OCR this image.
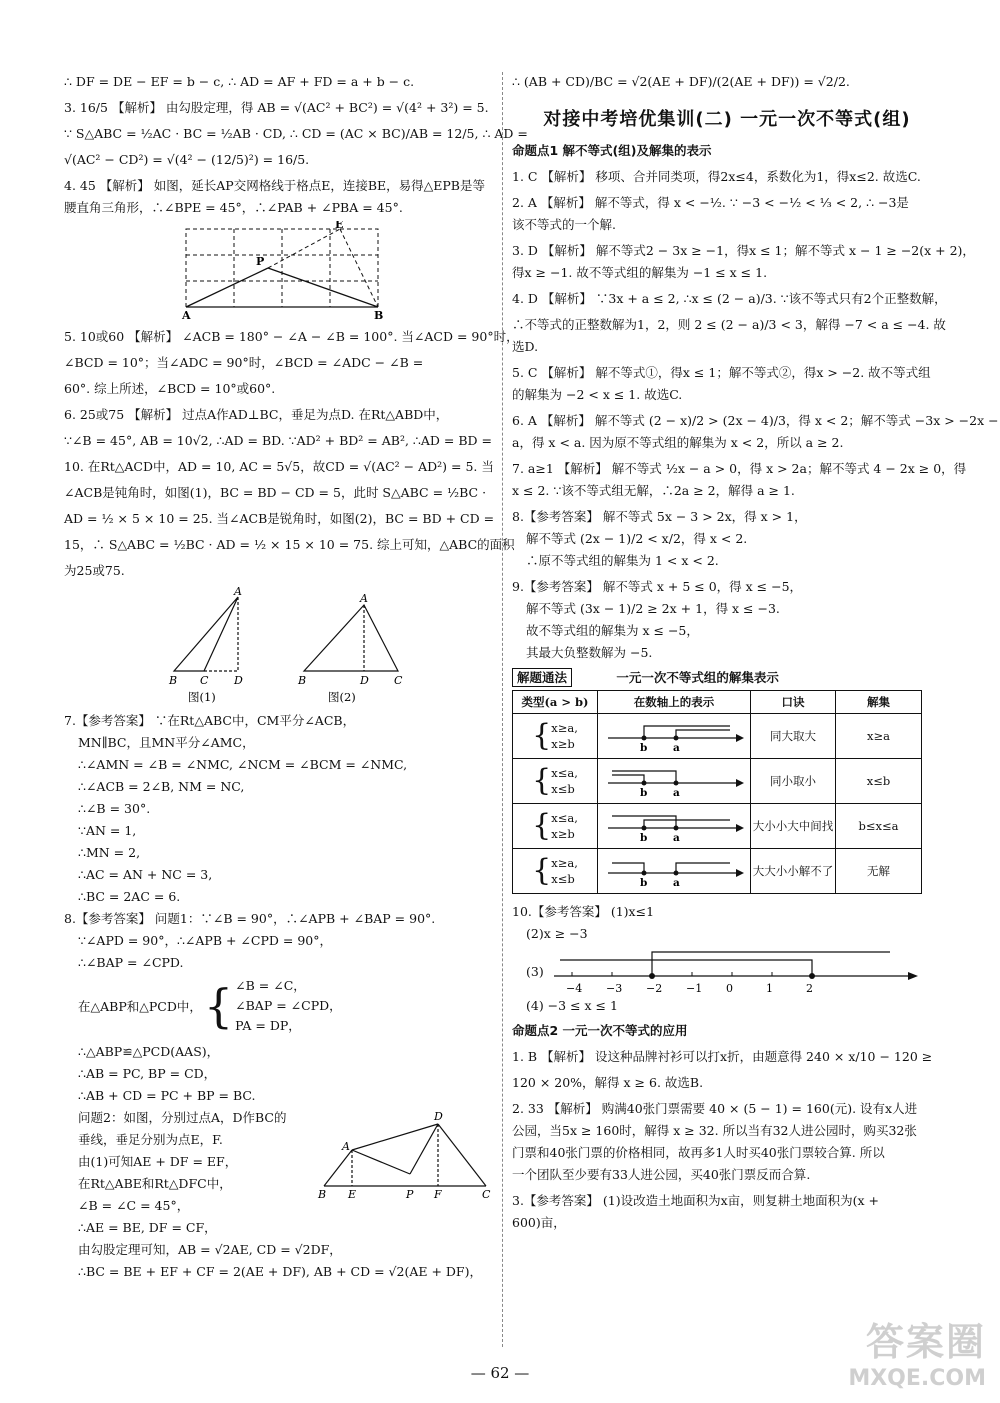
∴ DF = DE − EF = b − c, ∴ AD = AF + FD = a + b − c.
3. 16/5 【解析】 由勾股定理，得 AB = √(AC² + BC²) = √(4² + 3²) = 5.
∵ S△ABC = ½AC · BC = ½AB · CD, ∴ CD = (AC × BC)/AB = 12/5, ∴ AD =
√(AC² − CD²) = √(4² − (12/5)²) = 16/5.
4. 45 【解析】 如图，延长AP交网格线于格点E，连接BE，易得△EPB是等
腰直角三角形，∴∠BPE = 45°，∴∠PAB + ∠PBA = 45°.
E
P
A	B
5. 10或60 【解析】 ∠ACB = 180° − ∠A − ∠B = 100°. 当∠ACD = 90°时，
∠BCD = 10°；当∠ADC = 90°时，∠BCD = ∠ADC − ∠B =
60°. 综上所述，∠BCD = 10°或60°.
6. 25或75 【解析】 过点A作AD⊥BC，垂足为点D. 在Rt△ABD中，
∵∠B = 45°, AB = 10√2, ∴AD = BD. ∵AD² + BD² = AB², ∴AD = BD =
10. 在Rt△ACD中，AD = 10, AC = 5√5，故CD = √(AC² − AD²) = 5. 当
∠ACB是钝角时，如图(1)，BC = BD − CD = 5，此时 S△ABC = ½BC ·
AD = ½ × 5 × 10 = 25. 当∠ACB是锐角时，如图(2)，BC = BD + CD =
15，∴ S△ABC = ½BC · AD = ½ × 15 × 10 = 75. 综上可知，△ABC的面积
为25或75.
A
B C D
图(1)
A
B	D C
图(2)
7.【参考答案】 ∵在Rt△ABC中，CM平分∠ACB，
MN∥BC，且MN平分∠AMC，
∴∠AMN = ∠B = ∠NMC, ∠NCM = ∠BCM = ∠NMC,
∴∠ACB = 2∠B, NM = NC,
∴∠B = 30°.
∵AN = 1,
∴MN = 2,
∴AC = AN + NC = 3,
∴BC = 2AC = 6.
8.【参考答案】 问题1：∵∠B = 90°，∴∠APB + ∠BAP = 90°.
∵∠APD = 90°，∴∠APB + ∠CPD = 90°，
∴∠BAP = ∠CPD.
在△ABP和△PCD中， { ∠B = ∠C，
∠BAP = ∠CPD，
PA = DP，
∴△ABP≌△PCD(AAS)，
∴AB = PC, BP = CD，
∴AB + CD = PC + BP = BC.
问题2：如图，分别过点A，D作BC的
垂线，垂足分别为点E，F.
由(1)可知AE + DF = EF，
在Rt△ABE和Rt△DFC中，
∠B = ∠C = 45°，
∴AE = BE, DF = CF，
由勾股定理可知，AB = √2AE, CD = √2DF，
∴BC = BE + EF + CF = 2(AE + DF), AB + CD = √2(AE + DF)，
D
A
B E	P F	C
∴ (AB + CD)/BC = √2(AE + DF)/(2(AE + DF)) = √2/2.
对接中考培优集训(二) 一元一次不等式(组)
命题点1 解不等式(组)及解集的表示
1. C 【解析】 移项、合并同类项，得2x≤4，系数化为1，得x≤2. 故选C.
2. A 【解析】 解不等式，得 x < −½. ∵ −3 < −½ < ⅓ < 2, ∴ −3是
该不等式的一个解.
3. D 【解析】 解不等式2 − 3x ≥ −1，得x ≤ 1；解不等式 x − 1 ≥ −2(x + 2)，
得x ≥ −1. 故不等式组的解集为 −1 ≤ x ≤ 1.
4. D 【解析】 ∵3x + a ≤ 2, ∴x ≤ (2 − a)/3. ∵该不等式只有2个正整数解，
∴不等式的正整数解为1，2，则 2 ≤ (2 − a)/3 < 3，解得 −7 < a ≤ −4. 故
选D.
5. C 【解析】 解不等式①，得x ≤ 1；解不等式②，得x > −2. 故不等式组
的解集为 −2 < x ≤ 1. 故选C.
6. A 【解析】 解不等式 (2 − x)/2 > (2x − 4)/3，得 x < 2；解不等式 −3x > −2x −
a，得 x < a. 因为原不等式组的解集为 x < 2，所以 a ≥ 2.
7. a≥1 【解析】 解不等式 ½x − a > 0，得 x > 2a；解不等式 4 − 2x ≥ 0，得
x ≤ 2. ∵该不等式组无解，∴2a ≥ 2，解得 a ≥ 1.
8.【参考答案】 解不等式 5x − 3 > 2x，得 x > 1，
解不等式 (2x − 1)/2 < x/2，得 x < 2.
∴原不等式组的解集为 1 < x < 2.
9.【参考答案】 解不等式 x + 5 ≤ 0，得 x ≤ −5，
解不等式 (3x − 1)/2 ≥ 2x + 1，得 x ≤ −3.
故不等式组的解集为 x ≤ −5，
其最大负整数解为 −5.
解题通法	一元一次不等式组的解集表示
类型(a > b)	在数轴上的表示	口诀	解集

{ x≥a,
x≥b	b a	同大取大	x≥a

{ x≤a,
x≤b	b a	同小取小	x≤b

{ x≤a,
x≥b	b a	大小小大中间找	b≤x≤a

{ x≥a,
x≤b	b a	大大小小解不了	无解
10.【参考答案】 (1)x≤1
(2)x ≥ −3
(3)
−4 −3 −2 −1 0	1	2
(4) −3 ≤ x ≤ 1
命题点2 一元一次不等式的应用
1. B 【解析】 设这种品牌衬衫可以打x折，由题意得 240 × x/10 − 120 ≥
120 × 20%，解得 x ≥ 6. 故选B.
2. 33 【解析】 购满40张门票需要 40 × (5 − 1) = 160(元). 设有x人进
公园，当5x ≥ 160时，解得 x ≥ 32. 所以当有32人进公园时，购买32张
门票和40张门票的价格相同，故再多1人时买40张门票较合算. 所以
一个团队至少要有33人进公园，买40张门票反而合算.
3.【参考答案】 (1)设改造土地面积为x亩，则复耕土地面积为(x +
600)亩，
— 62 —
答案圈
MXQE.COM
